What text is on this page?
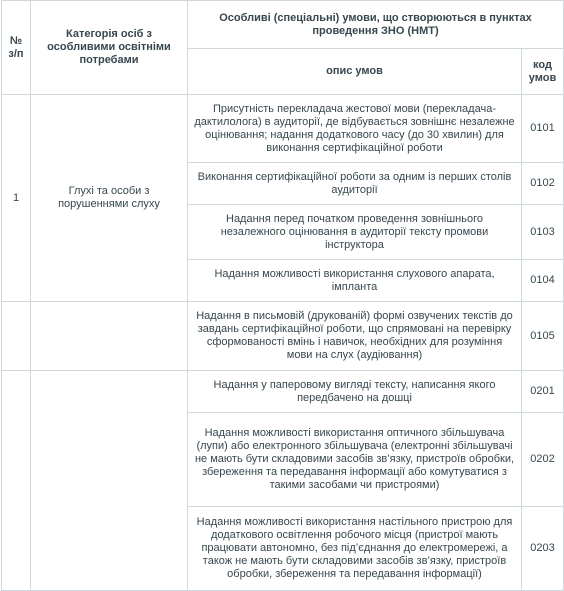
№ з/п	Категорія осіб з особливими освітніми потребами	Особливі (спеціальні) умови, що створюються в пунктах проведення ЗНО (НМТ)	
		опис умов	код умов
1	Глухі та особи з порушеннями слуху	Присутність перекладача жестової мови (перекладача-дактилолога) в аудиторії, де відбувається зовнішнє незалежне оцінювання; надання додаткового часу (до 30 хвилин) для виконання сертифікаційної роботи	0101
		Виконання сертифікаційної роботи за одним із перших столів аудиторії	0102
		Надання перед початком проведення зовнішнього незалежного оцінювання в аудиторії тексту промови інструктора	0103
		Надання можливості використання слухового апарата, імпланта	0104
		Надання в письмовій (друкованій) формі озвучених текстів до завдань сертифікаційної роботи, що спрямовані на перевірку сформованості вмінь і навичок, необхідних для розуміння мови на слух (аудіювання)	0105
		Надання у паперовому вигляді тексту, написання якого передбачено на дошці	0201
		Надання можливості використання оптичного збільшувача (лупи) або електронного збільшувача (електронні збільшувачі не мають бути складовими засобів зв’язку, пристроїв обробки, збереження та передавання інформації або комутуватися з такими засобами чи пристроями)	0202
		Надання можливості використання настільного пристрою для додаткового освітлення робочого місця (пристрої мають працювати автономно, без під’єднання до електромережі, а також не мають бути складовими засобів зв’язку, пристроїв обробки, збереження та передавання інформації)	0203
